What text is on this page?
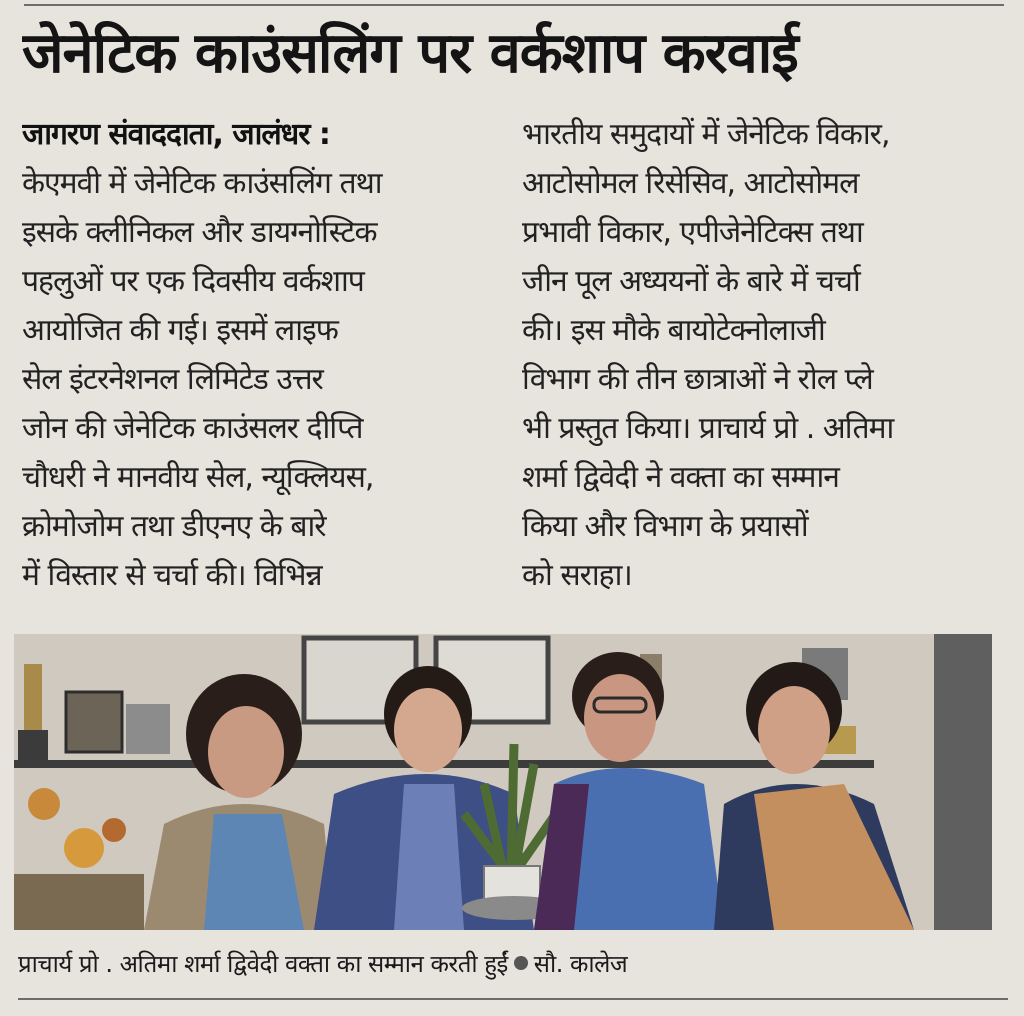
जेनेटिक काउंसलिंग पर वर्कशाप करवाई
जागरण संवाददाता, जालंधर :
केएमवी में जेनेटिक काउंसलिंग तथा
इसके क्लीनिकल और डायग्नोस्टिक
पहलुओं पर एक दिवसीय वर्कशाप
आयोजित की गई। इसमें लाइफ
सेल इंटरनेशनल लिमिटेड उत्तर
जोन की जेनेटिक काउंसलर दीप्ति
चौधरी ने मानवीय सेल, न्यूक्लियस,
क्रोमोजोम तथा डीएनए के बारे
में विस्तार से चर्चा की। विभिन्न
भारतीय समुदायों में जेनेटिक विकार,
आटोसोमल रिसेसिव, आटोसोमल
प्रभावी विकार, एपीजेनेटिक्स तथा
जीन पूल अध्ययनों के बारे में चर्चा
की। इस मौके बायोटेक्नोलाजी
विभाग की तीन छात्राओं ने रोल प्ले
भी प्रस्तुत किया। प्राचार्य प्रो . अतिमा
शर्मा द्विवेदी ने वक्ता का सम्मान
किया और विभाग के प्रयासों
को सराहा।
प्राचार्य प्रो . अतिमा शर्मा द्विवेदी वक्ता का सम्मान करती हुईं सौ. कालेज
